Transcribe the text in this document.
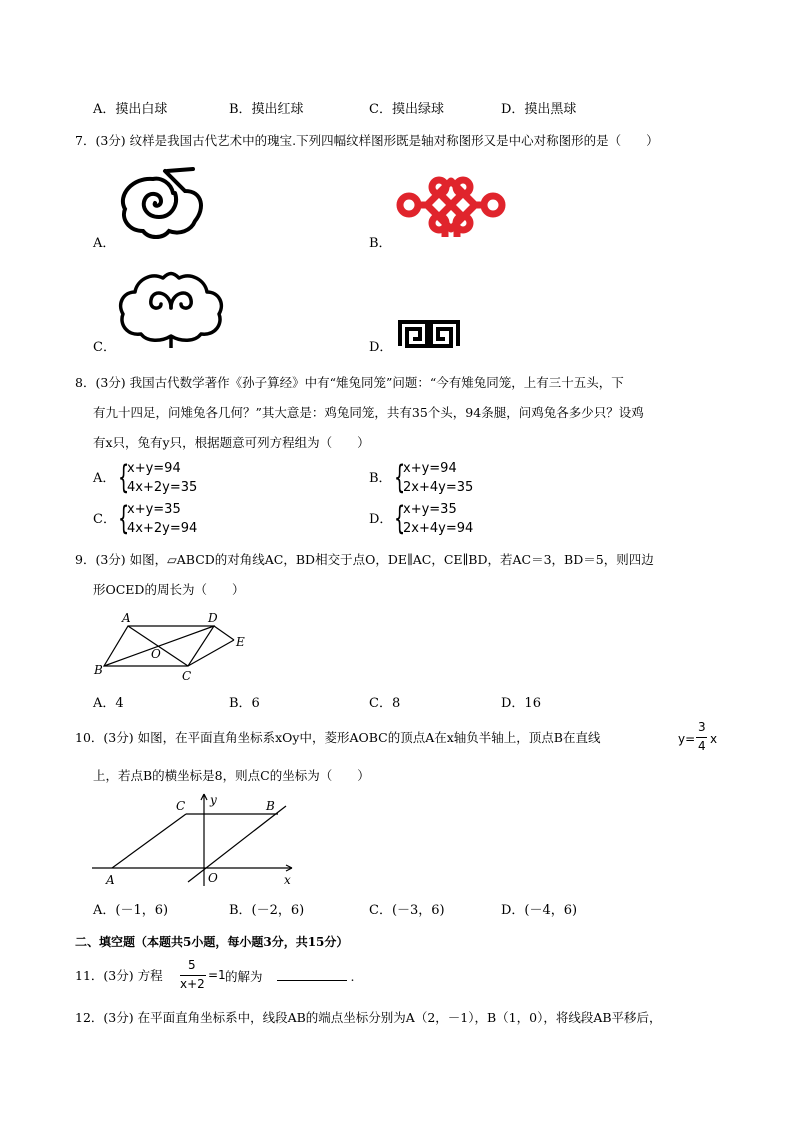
A．摸出白球	B．摸出红球	C．摸出绿球	D．摸出黑球
7．(3分) 纹样是我国古代艺术中的瑰宝.下列四幅纹样图形既是轴对称图形又是中心对称图形的是（　　）
A．	B．
C．	D．
8．(3分) 我国古代数学著作《孙子算经》中有“雉兔同笼”问题：“今有雉兔同笼，上有三十五头，下
有九十四足，问雉兔各几何？”其大意是：鸡兔同笼，共有35个头，94条腿，问鸡兔各多少只？设鸡
有x只，兔有y只，根据题意可列方程组为（　　）
A． {
x+y=94
4x+2y=35
B． {
x+y=94
2x+4y=35
C． {
x+y=35
4x+2y=94
D． {
x+y=35
2x+4y=94
9．(3分) 如图，▱ABCD的对角线AC，BD相交于点O，DE∥AC，CE∥BD，若AC＝3，BD＝5，则四边
形OCED的周长为（　　）
A	D
E
O
B	C
A．4	B．6	C．8	D．16
10．(3分) 如图，在平面直角坐标系xOy中，菱形AOBC的顶点A在x轴负半轴上，顶点B在直线	y=
3
4 x
上，若点B的横坐标是8，则点C的坐标为（　　）
C y	B
A	O	x
A．(－1，6)	B．(－2，6)	C．(－3，6)	D．(－4，6)
二、填空题（本题共5小题，每小题3分，共15分）
11．(3分) 方程
5
x+2
=1 的解为	.
12．(3分) 在平面直角坐标系中，线段AB的端点坐标分别为A（2，－1），B（1，0），将线段AB平移后，
